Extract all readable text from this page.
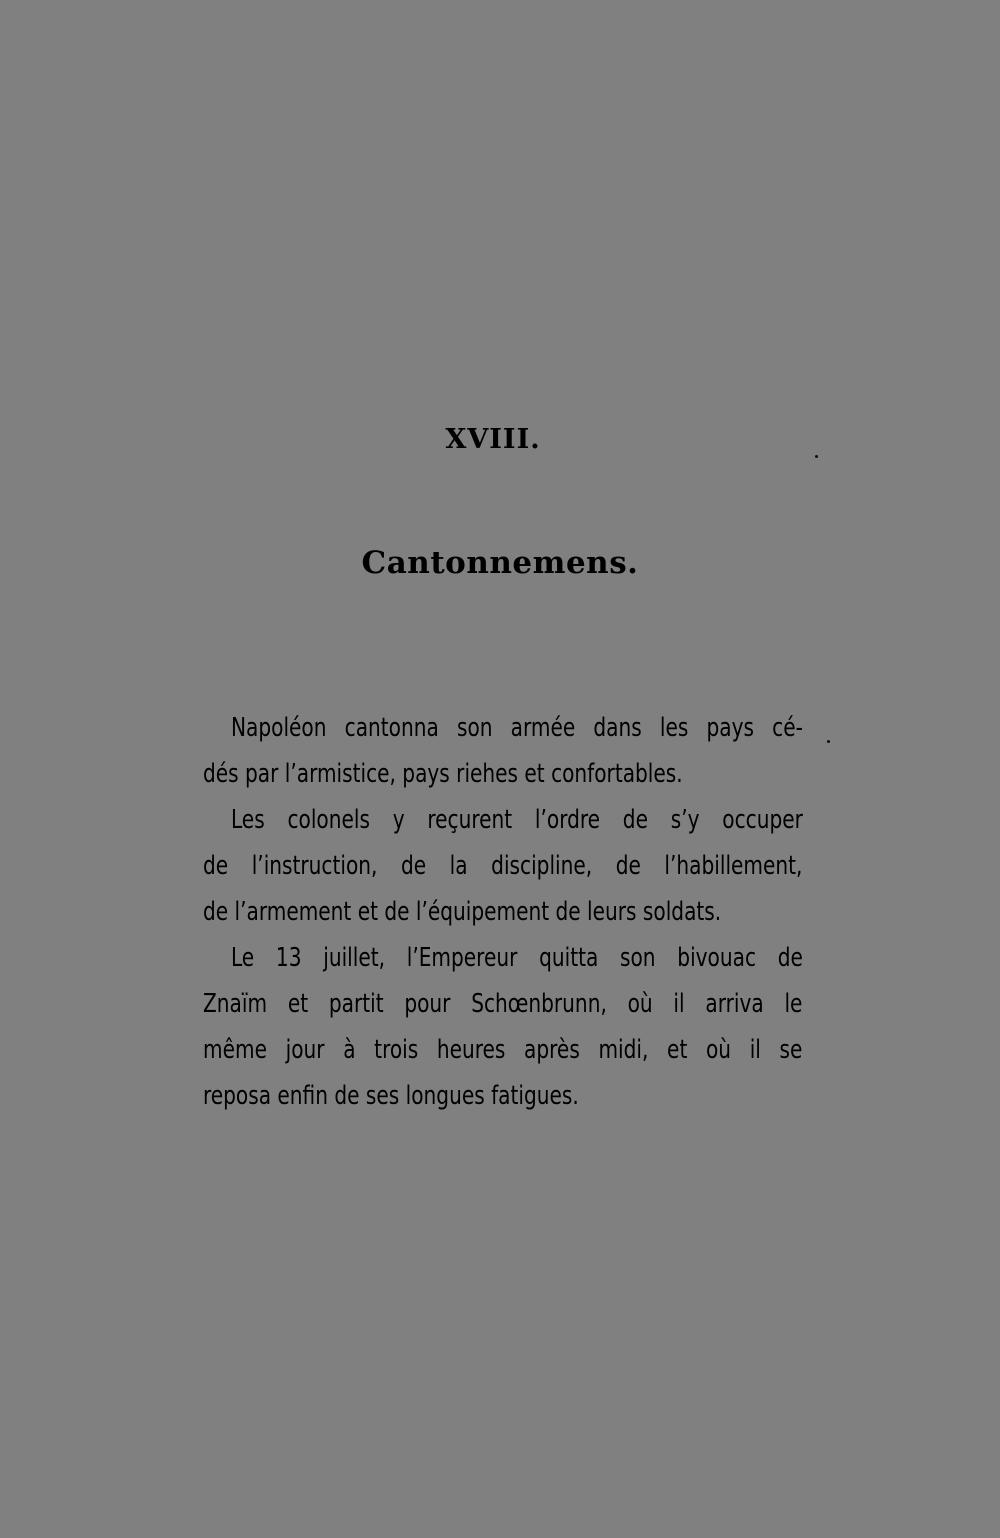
XVIII.
Cantonnemens.
Napoléon cantonna son armée dans les pays cé-
dés par l’armistice, pays riehes et confortables.
Les colonels y reçurent l’ordre de s’y occuper
de l’instruction, de la discipline, de l’habillement,
de l’armement et de l’équipement de leurs soldats.
Le 13 juillet, l’Empereur quitta son bivouac de
Znaïm et partit pour Schœnbrunn, où il arriva le
même jour à trois heures après midi, et où il se
reposa enfin de ses longues fatigues.
